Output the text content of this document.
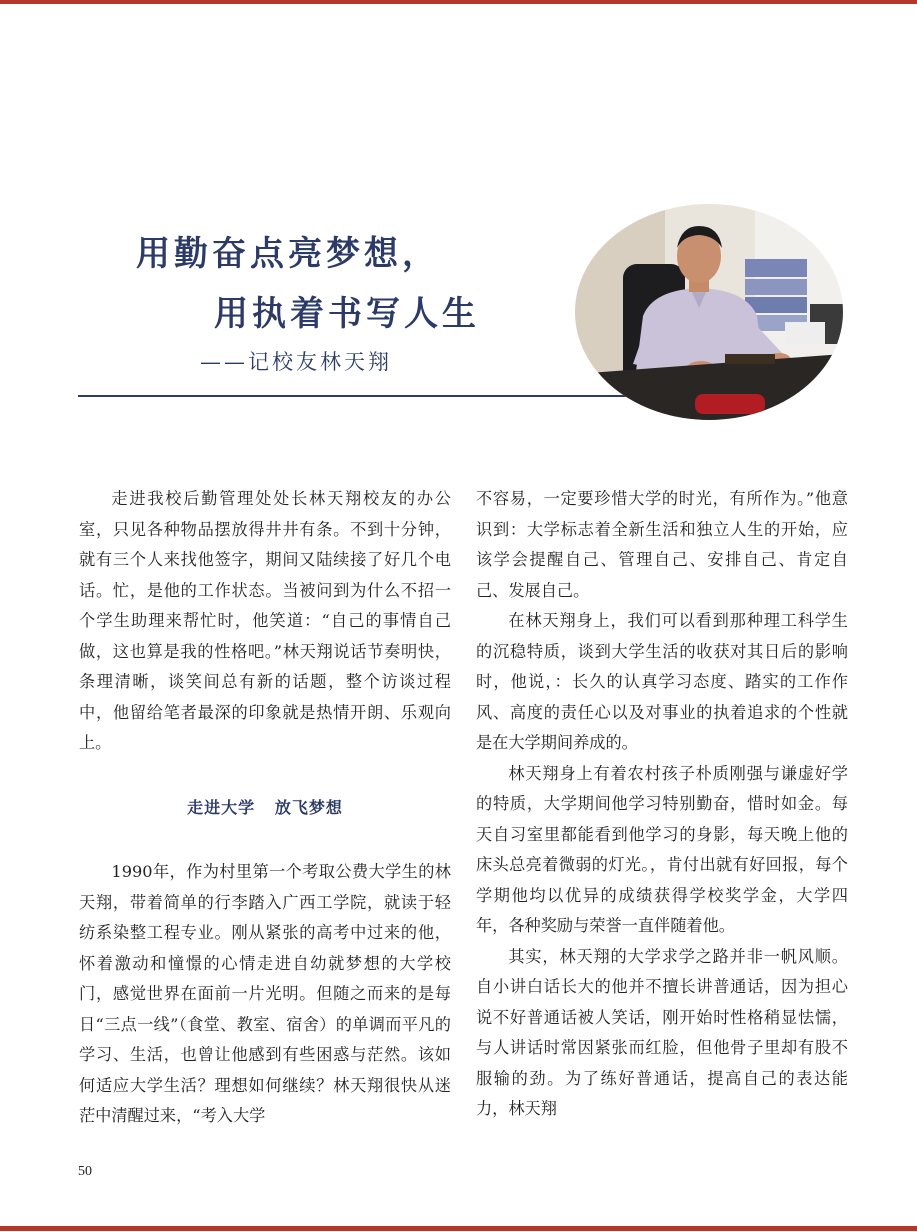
用勤奋点亮梦想，
用执着书写人生
——记校友林天翔

走进我校后勤管理处处长林天翔校友的办公室，只见各种物品摆放得井井有条。不到十分钟，就有三个人来找他签字，期间又陆续接了好几个电话。忙，是他的工作状态。当被问到为什么不招一个学生助理来帮忙时，他笑道：“自己的事情自己做，这也算是我的性格吧。”林天翔说话节奏明快，条理清晰，谈笑间总有新的话题，整个访谈过程中，他留给笔者最深的印象就是热情开朗、乐观向上。

走进大学 放飞梦想

1990年，作为村里第一个考取公费大学生的林天翔，带着简单的行李踏入广西工学院，就读于轻纺系染整工程专业。刚从紧张的高考中过来的他，怀着激动和憧憬的心情走进自幼就梦想的大学校门，感觉世界在面前一片光明。但随之而来的是每日“三点一线”（食堂、教室、宿舍）的单调而平凡的学习、生活，也曾让他感到有些困惑与茫然。该如何适应大学生活？理想如何继续？林天翔很快从迷茫中清醒过来，“考入大学

不容易，一定要珍惜大学的时光，有所作为。”他意识到：大学标志着全新生活和独立人生的开始，应该学会提醒自己、管理自己、安排自己、肯定自己、发展自己。

在林天翔身上，我们可以看到那种理工科学生的沉稳特质，谈到大学生活的收获对其日后的影响时，他说，：长久的认真学习态度、踏实的工作作风、高度的责任心以及对事业的执着追求的个性就是在大学期间养成的。

林天翔身上有着农村孩子朴质刚强与谦虚好学的特质，大学期间他学习特别勤奋，惜时如金。每天自习室里都能看到他学习的身影，每天晚上他的床头总亮着微弱的灯光。，肯付出就有好回报，每个学期他均以优异的成绩获得学校奖学金，大学四年，各种奖励与荣誉一直伴随着他。

其实，林天翔的大学求学之路并非一帆风顺。自小讲白话长大的他并不擅长讲普通话，因为担心说不好普通话被人笑话，刚开始时性格稍显怯懦，与人讲话时常因紧张而红脸，但他骨子里却有股不服输的劲。为了练好普通话，提高自己的表达能力，林天翔

50
